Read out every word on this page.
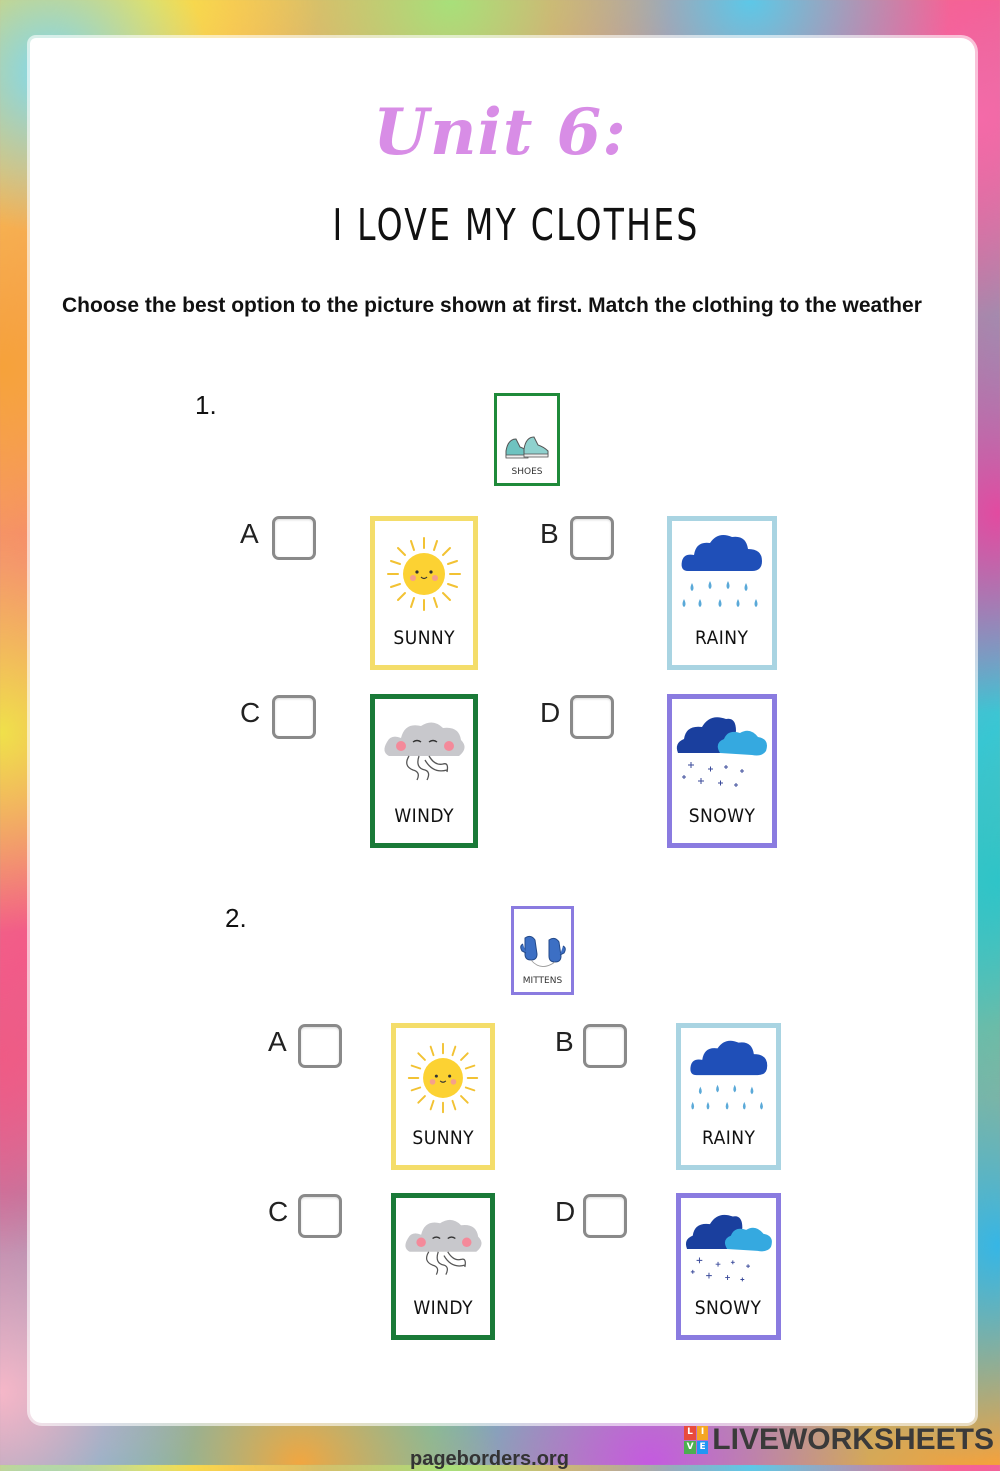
Unit 6:
I LOVE MY CLOTHES
Choose the best option to the picture shown at first. Match the clothing to the weather
1.
SHOES
A
SUNNY
B
RAINY
C
WINDY
D
SNOWY
2.
MITTENS
A
SUNNY
B
RAINY
C
WINDY
D
SNOWY
pageborders.org
L I
V E LIVEWORKSHEETS
